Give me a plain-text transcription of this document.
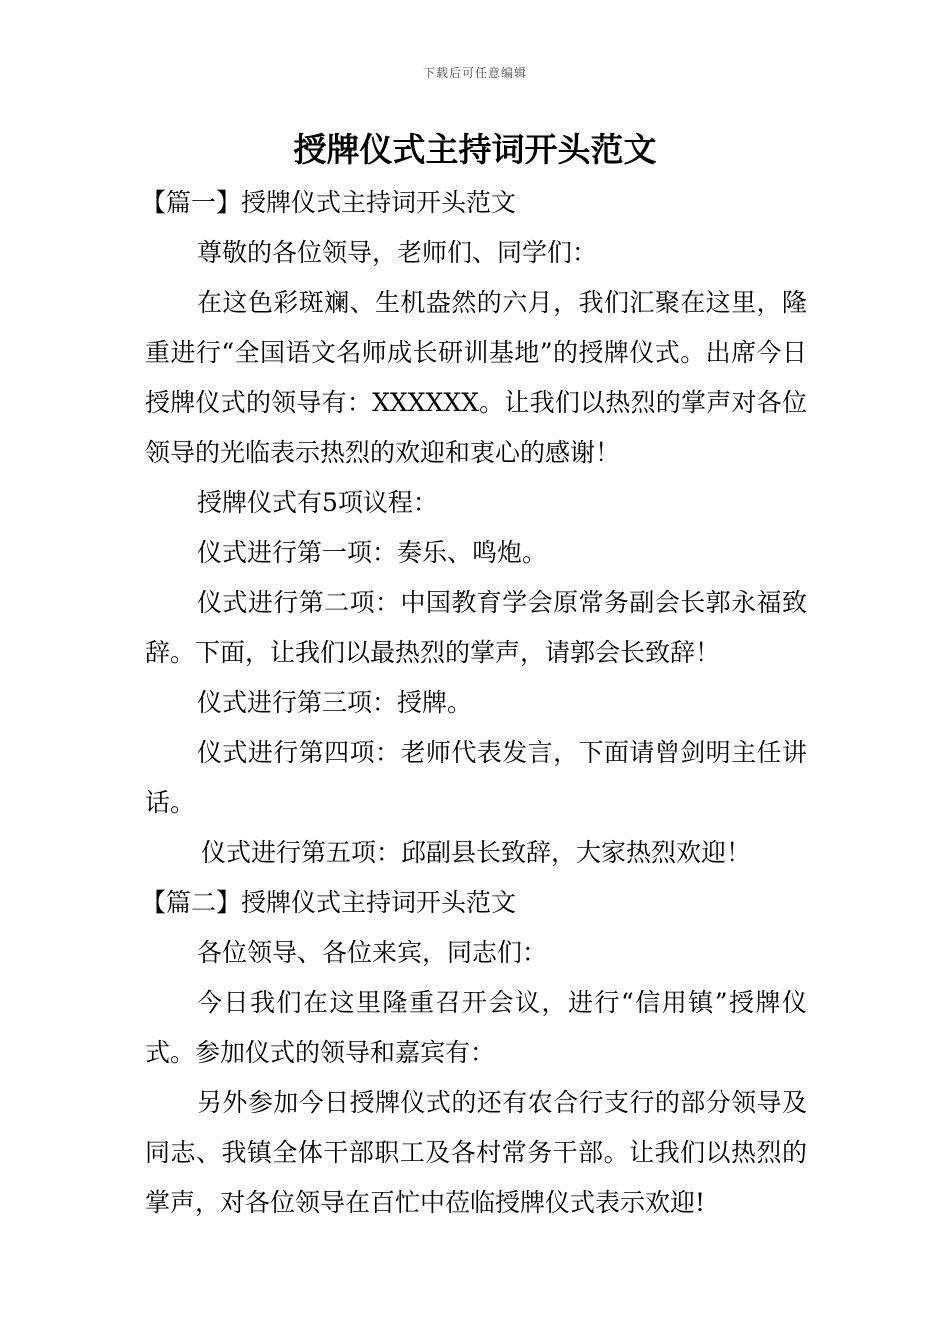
下载后可任意编辑
授牌仪式主持词开头范文

【篇一】授牌仪式主持词开头范文

尊敬的各位领导，老师们、同学们：

在这色彩斑斓、生机盎然的六月，我们汇聚在这里，隆重进行“全国语文名师成长研训基地”的授牌仪式。出席今日授牌仪式的领导有：XXXXXX。让我们以热烈的掌声对各位领导的光临表示热烈的欢迎和衷心的感谢！

授牌仪式有5项议程：

仪式进行第一项：奏乐、鸣炮。

仪式进行第二项：中国教育学会原常务副会长郭永福致辞。下面，让我们以最热烈的掌声，请郭会长致辞！

仪式进行第三项：授牌。

仪式进行第四项：老师代表发言，下面请曾剑明主任讲话。

仪式进行第五项：邱副县长致辞，大家热烈欢迎！

【篇二】授牌仪式主持词开头范文

各位领导、各位来宾，同志们：

今日我们在这里隆重召开会议，进行“信用镇”授牌仪式。参加仪式的领导和嘉宾有：

另外参加今日授牌仪式的还有农合行支行的部分领导及同志、我镇全体干部职工及各村常务干部。让我们以热烈的掌声，对各位领导在百忙中莅临授牌仪式表示欢迎!
